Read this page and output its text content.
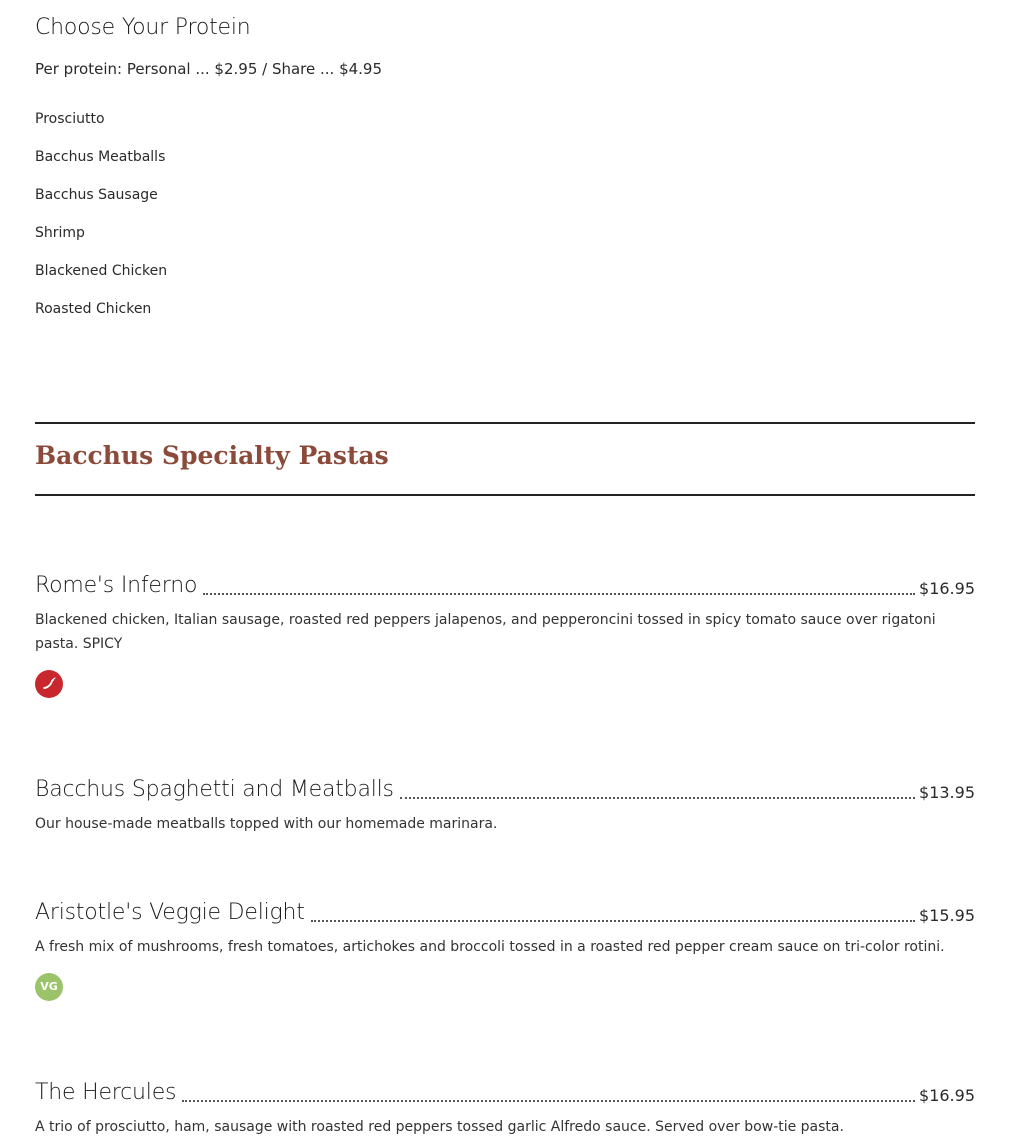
Choose Your Protein
Per protein: Personal ... $2.95 / Share ... $4.95
Prosciutto
Bacchus Meatballs
Bacchus Sausage
Shrimp
Blackened Chicken
Roasted Chicken
Bacchus Specialty Pastas
Rome's Inferno	$16.95
Blackened chicken, Italian sausage, roasted red peppers jalapenos, and pepperoncini tossed in spicy tomato sauce over rigatoni pasta. SPICY
Bacchus Spaghetti and Meatballs	$13.95
Our house-made meatballs topped with our homemade marinara.
Aristotle's Veggie Delight	$15.95
A fresh mix of mushrooms, fresh tomatoes, artichokes and broccoli tossed in a roasted red pepper cream sauce on tri-color rotini.
VG
The Hercules	$16.95
A trio of prosciutto, ham, sausage with roasted red peppers tossed garlic Alfredo sauce. Served over bow-tie pasta.
